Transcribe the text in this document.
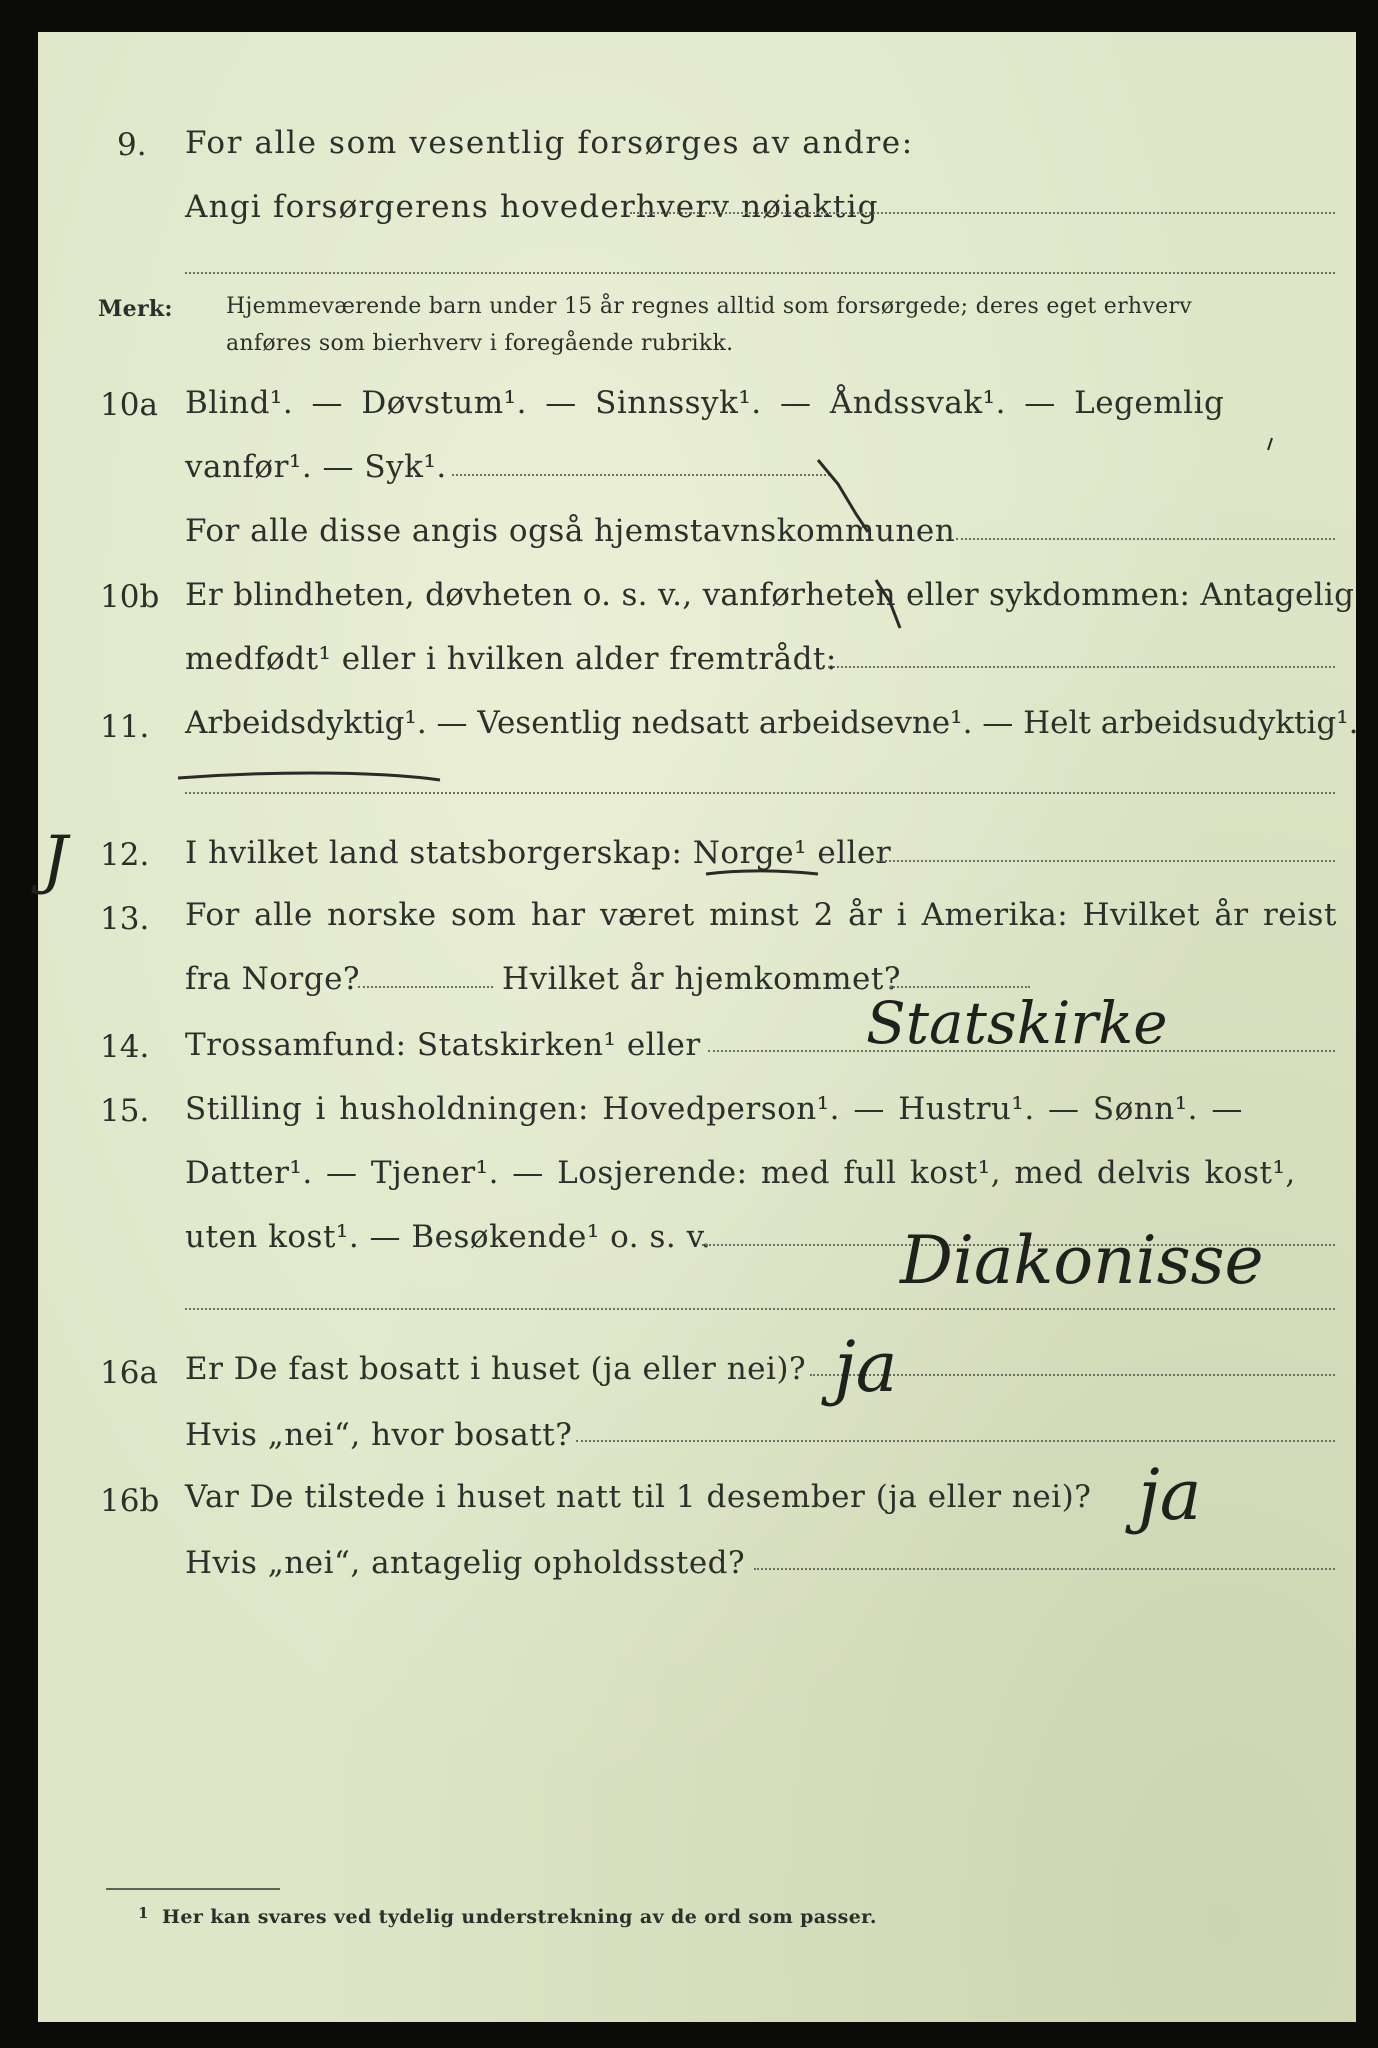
9. For alle som vesentlig forsørges av andre:
Angi forsørgerens hovederhverv nøiaktig
Merk: Hjemmeværende barn under 15 år regnes alltid som forsørgede; deres eget erhverv
anføres som bierhverv i foregående rubrikk.
10a Blind¹. — Døvstum¹. — Sinnssyk¹. — Åndssvak¹. — Legemlig
vanfør¹. — Syk¹.
For alle disse angis også hjemstavnskommunen
10b Er blindheten, døvheten o. s. v., vanførheten eller sykdommen: Antagelig
medfødt¹ eller i hvilken alder fremtrådt:
11. Arbeidsdyktig¹. — Vesentlig nedsatt arbeidsevne¹. — Helt arbeidsudyktig¹.
12. I hvilket land statsborgerskap: Norge¹ eller
J
13. For alle norske som har været minst 2 år i Amerika: Hvilket år reist
fra Norge?	Hvilket år hjemkommet?
14. Trossamfund: Statskirken¹ eller	Statskirke
15. Stilling i husholdningen: Hovedperson¹. — Hustru¹. — Sønn¹. —
Datter¹. — Tjener¹. — Losjerende: med full kost¹, med delvis kost¹,
uten kost¹. — Besøkende¹ o. s. v.	Diakonisse
16a Er De fast bosatt i huset (ja eller nei)? ja
Hvis „nei“, hvor bosatt?
16b Var De tilstede i huset natt til 1 desember (ja eller nei)? ja
Hvis „nei“, antagelig opholdssted?
1 Her kan svares ved tydelig understrekning av de ord som passer.
